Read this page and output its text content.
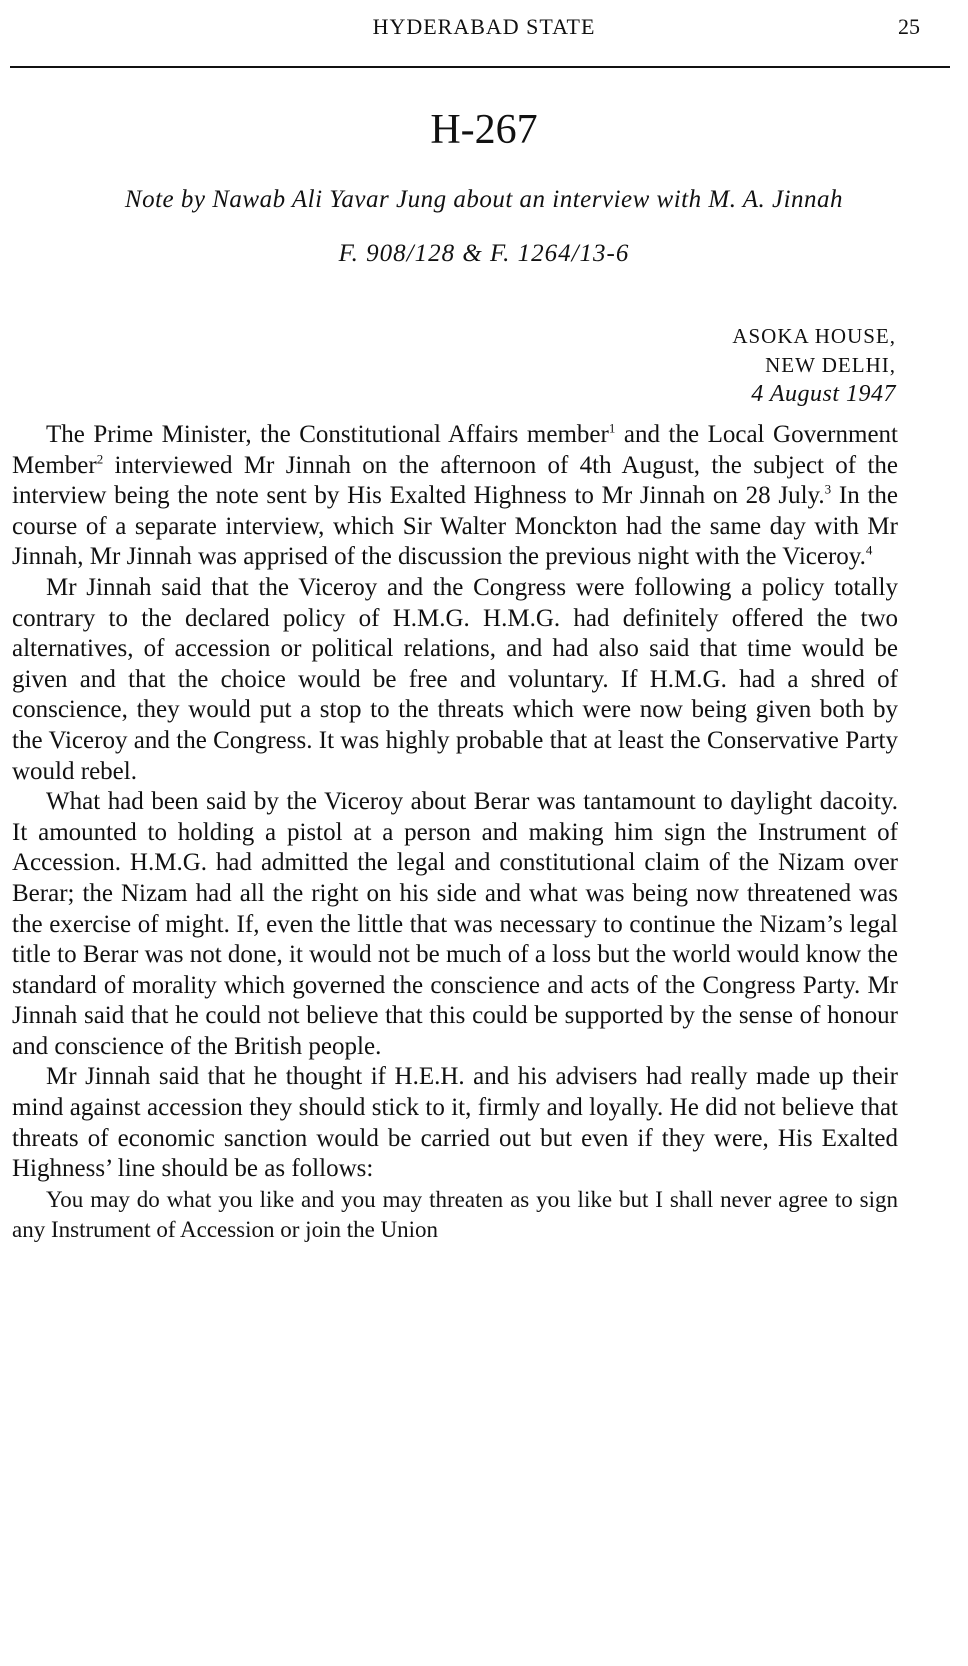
HYDERABAD STATE	25
H-267
Note by Nawab Ali Yavar Jung about an interview with M. A. Jinnah
F. 908/128 & F. 1264/13-6
ASOKA HOUSE,
NEW DELHI,
4 August 1947

The Prime Minister, the Constitutional Affairs member$^1$ and the Local Government Member$^2$ interviewed Mr Jinnah on the afternoon of 4th August, the subject of the interview being the note sent by His Exalted Highness to Mr Jinnah on 28 July.$^3$ In the course of a separate interview, which Sir Walter Monckton had the same day with Mr Jinnah, Mr Jinnah was apprised of the discussion the previous night with the Viceroy.$^4$

Mr Jinnah said that the Viceroy and the Congress were following a policy totally contrary to the declared policy of H.M.G. H.M.G. had definitely offered the two alternatives, of accession or political relations, and had also said that time would be given and that the choice would be free and voluntary. If H.M.G. had a shred of conscience, they would put a stop to the threats which were now being given both by the Viceroy and the Congress. It was highly probable that at least the Conservative Party would rebel.

What had been said by the Viceroy about Berar was tantamount to daylight dacoity. It amounted to holding a pistol at a person and making him sign the Instrument of Accession. H.M.G. had admitted the legal and constitutional claim of the Nizam over Berar; the Nizam had all the right on his side and what was being now threatened was the exercise of might. If, even the little that was necessary to continue the Nizam’s legal title to Berar was not done, it would not be much of a loss but the world would know the standard of morality which governed the conscience and acts of the Congress Party. Mr Jinnah said that he could not believe that this could be supported by the sense of honour and conscience of the British people.

Mr Jinnah said that he thought if H.E.H. and his advisers had really made up their mind against accession they should stick to it, firmly and loyally. He did not believe that threats of economic sanction would be carried out but even if they were, His Exalted Highness’ line should be as follows:

You may do what you like and you may threaten as you like but I shall never agree to sign any Instrument of Accession or join the Union
